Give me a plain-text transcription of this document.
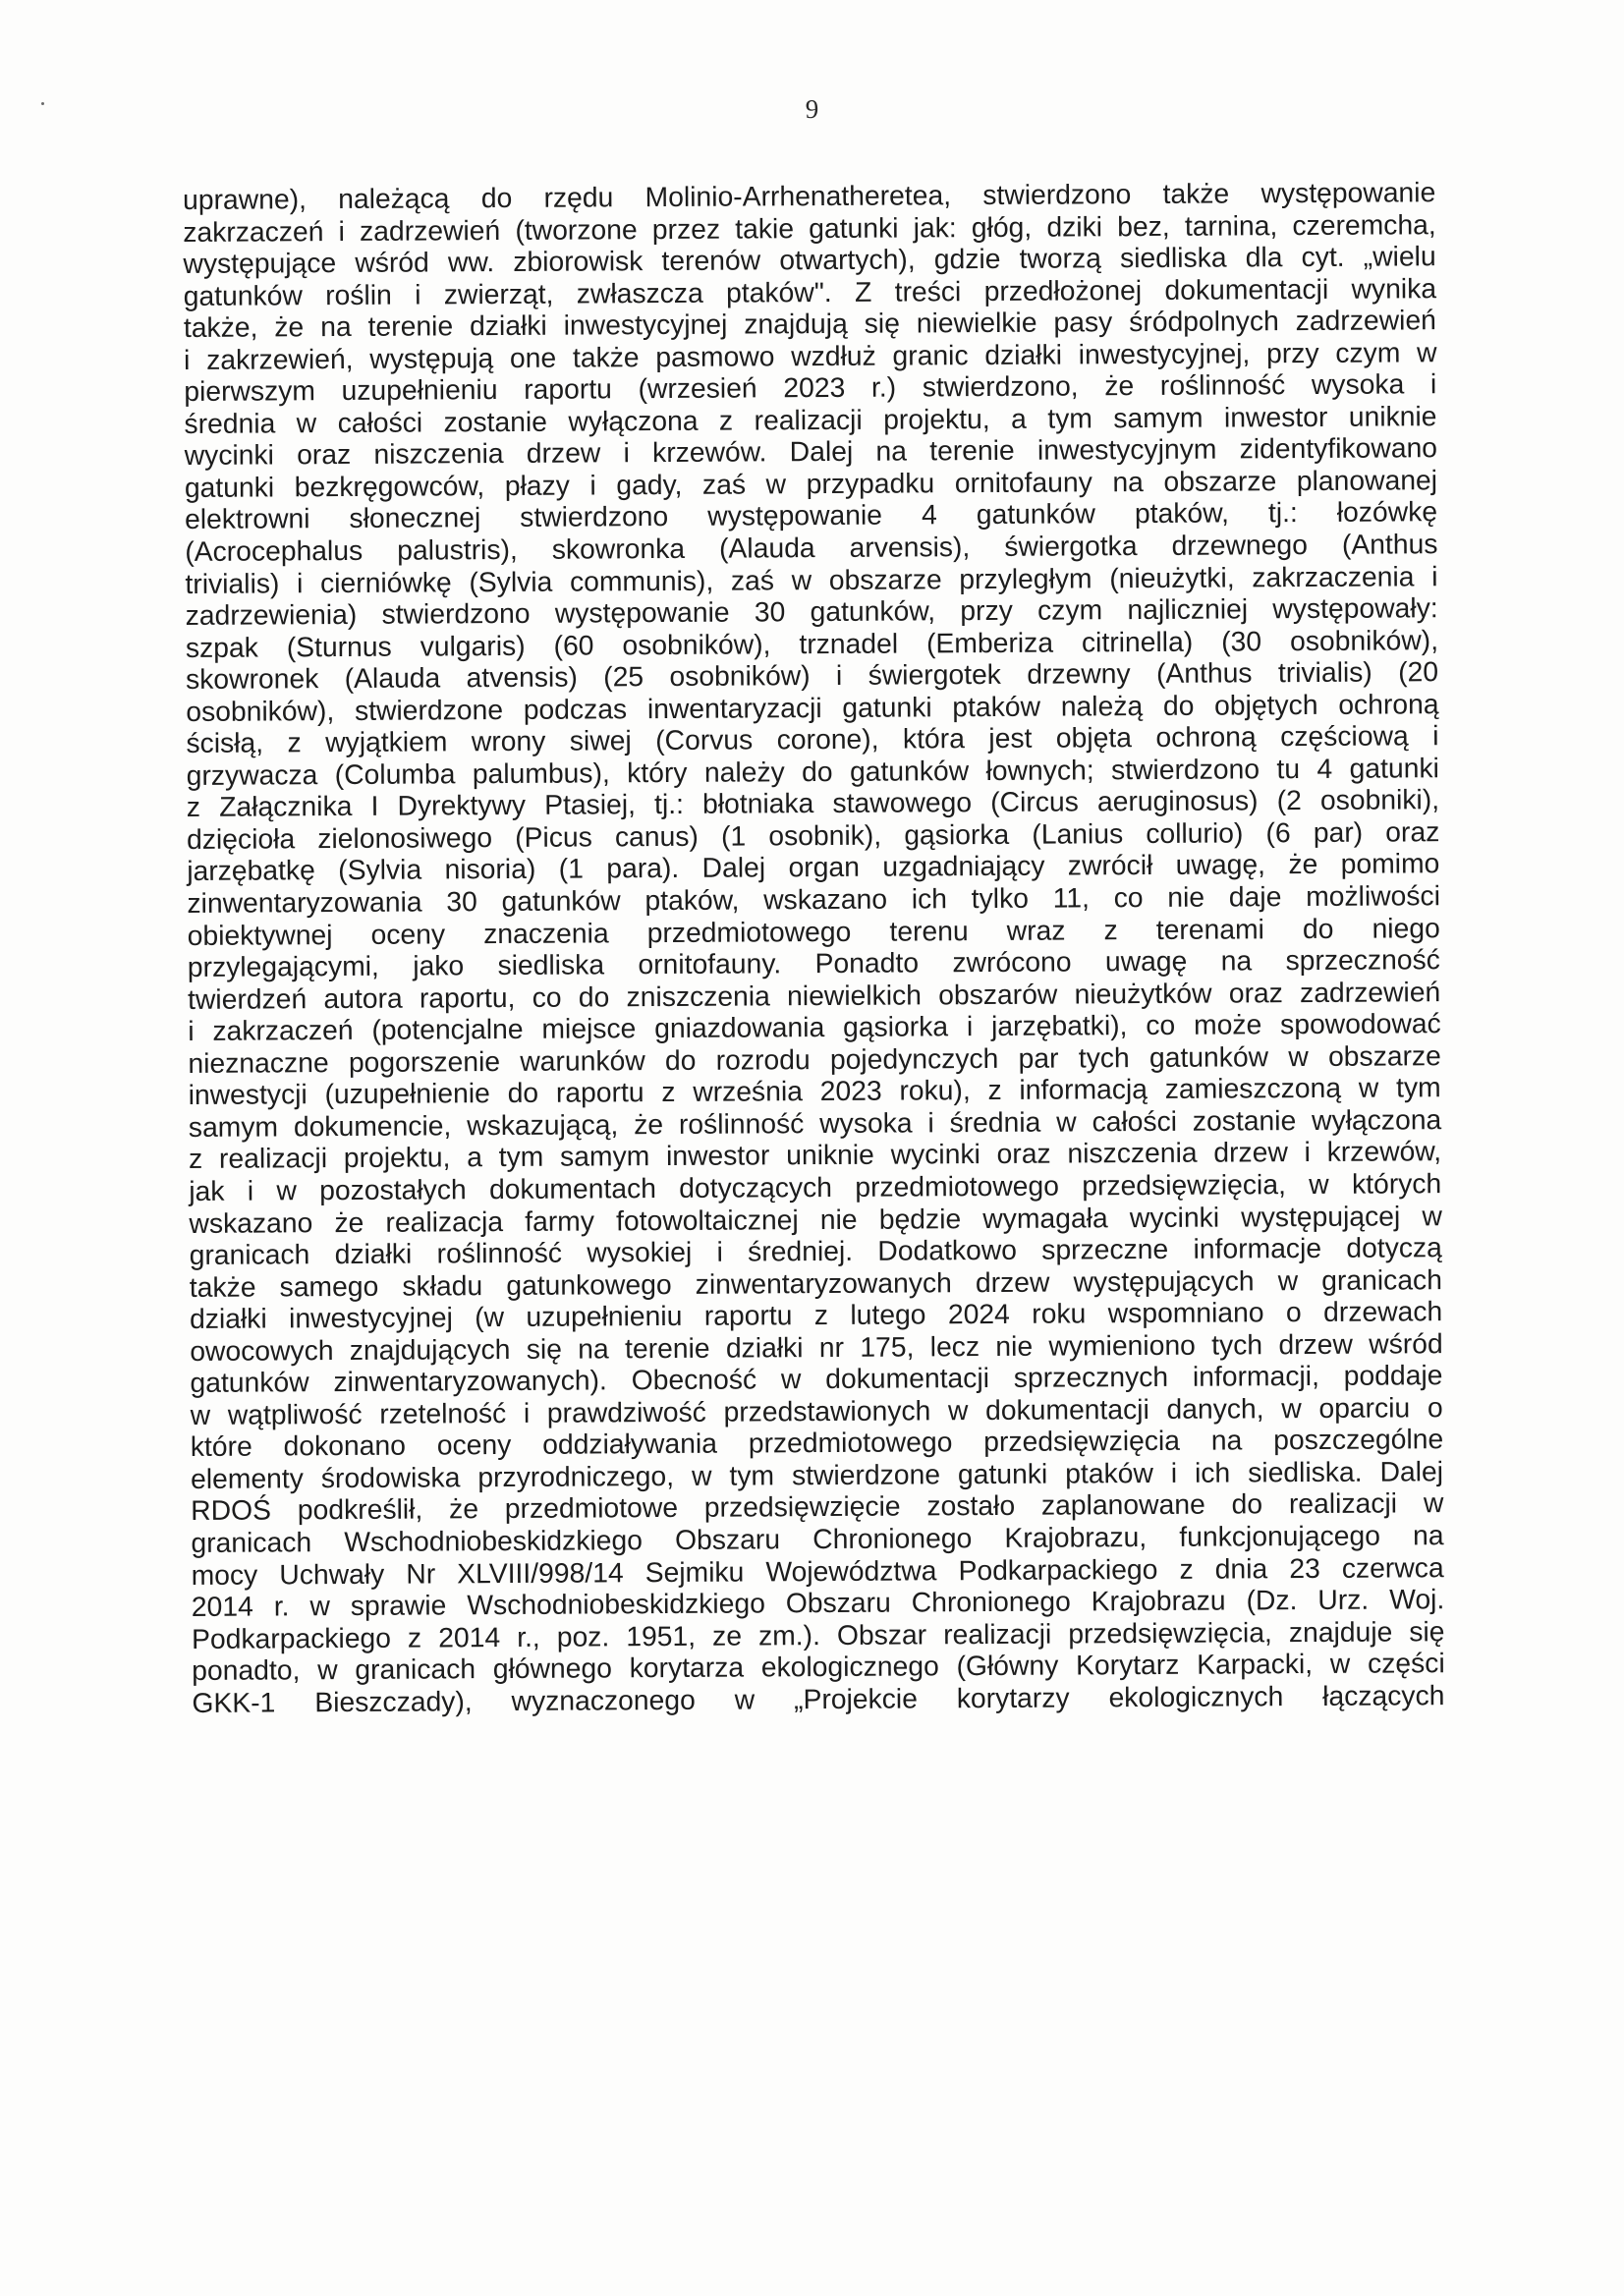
9
uprawne), należącą do rzędu Molinio-Arrhenatheretea, stwierdzono także występowanie
zakrzaczeń i zadrzewień (tworzone przez takie gatunki jak: głóg, dziki bez, tarnina, czeremcha,
występujące wśród ww. zbiorowisk terenów otwartych), gdzie tworzą siedliska dla cyt. „wielu
gatunków roślin i zwierząt, zwłaszcza ptaków". Z treści przedłożonej dokumentacji wynika
także, że na terenie działki inwestycyjnej znajdują się niewielkie pasy śródpolnych zadrzewień
i zakrzewień, występują one także pasmowo wzdłuż granic działki inwestycyjnej, przy czym w
pierwszym uzupełnieniu raportu (wrzesień 2023 r.) stwierdzono, że roślinność wysoka i
średnia w całości zostanie wyłączona z realizacji projektu, a tym samym inwestor uniknie
wycinki oraz niszczenia drzew i krzewów. Dalej na terenie inwestycyjnym zidentyfikowano
gatunki bezkręgowców, płazy i gady, zaś w przypadku ornitofauny na obszarze planowanej
elektrowni słonecznej stwierdzono występowanie 4 gatunków ptaków, tj.: łozówkę
(Acrocephalus palustris), skowronka (Alauda arvensis), świergotka drzewnego (Anthus
trivialis) i cierniówkę (Sylvia communis), zaś w obszarze przyległym (nieużytki, zakrzaczenia i
zadrzewienia) stwierdzono występowanie 30 gatunków, przy czym najliczniej występowały:
szpak (Sturnus vulgaris) (60 osobników), trznadel (Emberiza citrinella) (30 osobników),
skowronek (Alauda atvensis) (25 osobników) i świergotek drzewny (Anthus trivialis) (20
osobników), stwierdzone podczas inwentaryzacji gatunki ptaków należą do objętych ochroną
ścisłą, z wyjątkiem wrony siwej (Corvus corone), która jest objęta ochroną częściową i
grzywacza (Columba palumbus), który należy do gatunków łownych; stwierdzono tu 4 gatunki
z Załącznika I Dyrektywy Ptasiej, tj.: błotniaka stawowego (Circus aeruginosus) (2 osobniki),
dzięcioła zielonosiwego (Picus canus) (1 osobnik), gąsiorka (Lanius collurio) (6 par) oraz
jarzębatkę (Sylvia nisoria) (1 para). Dalej organ uzgadniający zwrócił uwagę, że pomimo
zinwentaryzowania 30 gatunków ptaków, wskazano ich tylko 11, co nie daje możliwości
obiektywnej oceny znaczenia przedmiotowego terenu wraz z terenami do niego
przylegającymi, jako siedliska ornitofauny. Ponadto zwrócono uwagę na sprzeczność
twierdzeń autora raportu, co do zniszczenia niewielkich obszarów nieużytków oraz zadrzewień
i zakrzaczeń (potencjalne miejsce gniazdowania gąsiorka i jarzębatki), co może spowodować
nieznaczne pogorszenie warunków do rozrodu pojedynczych par tych gatunków w obszarze
inwestycji (uzupełnienie do raportu z września 2023 roku), z informacją zamieszczoną w tym
samym dokumencie, wskazującą, że roślinność wysoka i średnia w całości zostanie wyłączona
z realizacji projektu, a tym samym inwestor uniknie wycinki oraz niszczenia drzew i krzewów,
jak i w pozostałych dokumentach dotyczących przedmiotowego przedsięwzięcia, w których
wskazano że realizacja farmy fotowoltaicznej nie będzie wymagała wycinki występującej w
granicach działki roślinność wysokiej i średniej. Dodatkowo sprzeczne informacje dotyczą
także samego składu gatunkowego zinwentaryzowanych drzew występujących w granicach
działki inwestycyjnej (w uzupełnieniu raportu z lutego 2024 roku wspomniano o drzewach
owocowych znajdujących się na terenie działki nr 175, lecz nie wymieniono tych drzew wśród
gatunków zinwentaryzowanych). Obecność w dokumentacji sprzecznych informacji, poddaje
w wątpliwość rzetelność i prawdziwość przedstawionych w dokumentacji danych, w oparciu o
które dokonano oceny oddziaływania przedmiotowego przedsięwzięcia na poszczególne
elementy środowiska przyrodniczego, w tym stwierdzone gatunki ptaków i ich siedliska. Dalej
RDOŚ podkreślił, że przedmiotowe przedsięwzięcie zostało zaplanowane do realizacji w
granicach Wschodniobeskidzkiego Obszaru Chronionego Krajobrazu, funkcjonującego na
mocy Uchwały Nr XLVIII/998/14 Sejmiku Województwa Podkarpackiego z dnia 23 czerwca
2014 r. w sprawie Wschodniobeskidzkiego Obszaru Chronionego Krajobrazu (Dz. Urz. Woj.
Podkarpackiego z 2014 r., poz. 1951, ze zm.). Obszar realizacji przedsięwzięcia, znajduje się
ponadto, w granicach głównego korytarza ekologicznego (Główny Korytarz Karpacki, w części
GKK-1 Bieszczady), wyznaczonego w „Projekcie korytarzy ekologicznych łączących
